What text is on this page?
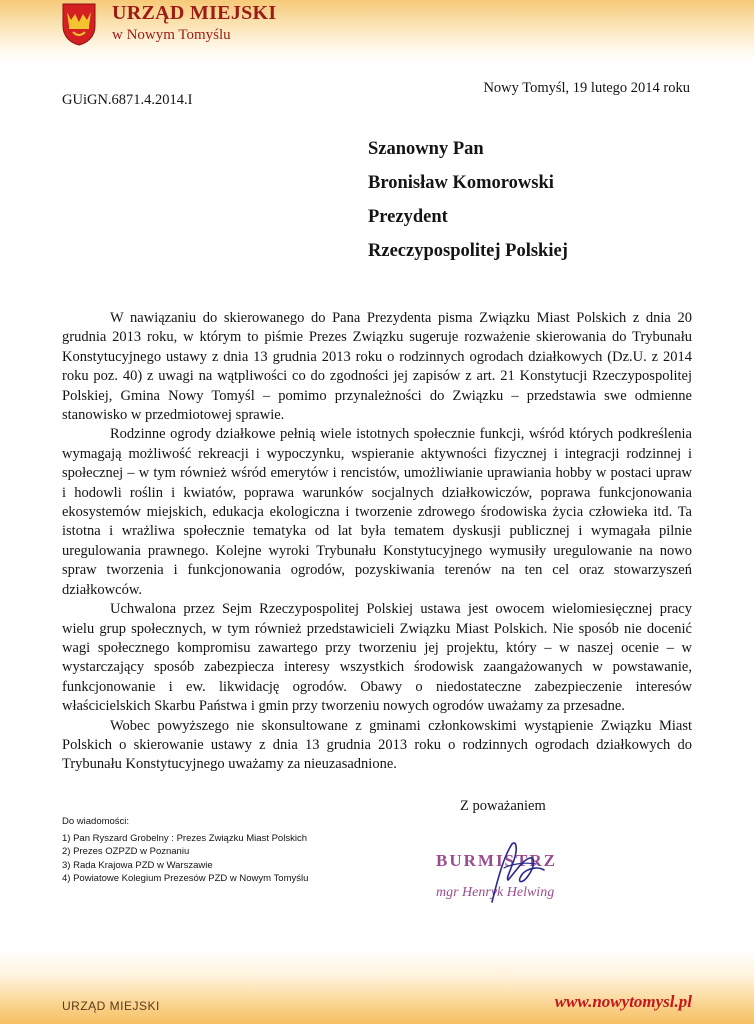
URZĄD MIEJSKI
w Nowym Tomyślu
Nowy Tomyśl, 19 lutego 2014 roku
GUiGN.6871.4.2014.I
Szanowny Pan
Bronisław Komorowski
Prezydent
Rzeczypospolitej Polskiej

W nawiązaniu do skierowanego do Pana Prezydenta pisma Związku Miast Polskich z dnia 20 grudnia 2013 roku, w którym to piśmie Prezes Związku sugeruje rozważenie skierowania do Trybunału Konstytucyjnego ustawy z dnia 13 grudnia 2013 roku o rodzinnych ogrodach działkowych (Dz.U. z 2014 roku poz. 40) z uwagi na wątpliwości co do zgodności jej zapisów z art. 21 Konstytucji Rzeczypospolitej Polskiej, Gmina Nowy Tomyśl – pomimo przynależności do Związku – przedstawia swe odmienne stanowisko w przedmiotowej sprawie.

Rodzinne ogrody działkowe pełnią wiele istotnych społecznie funkcji, wśród których podkreślenia wymagają możliwość rekreacji i wypoczynku, wspieranie aktywności fizycznej i integracji rodzinnej i społecznej – w tym również wśród emerytów i rencistów, umożliwianie uprawiania hobby w postaci upraw i hodowli roślin i kwiatów, poprawa warunków socjalnych działkowiczów, poprawa funkcjonowania ekosystemów miejskich, edukacja ekologiczna i tworzenie zdrowego środowiska życia człowieka itd. Ta istotna i wrażliwa społecznie tematyka od lat była tematem dyskusji publicznej i wymagała pilnie uregulowania prawnego. Kolejne wyroki Trybunału Konstytucyjnego wymusiły uregulowanie na nowo spraw tworzenia i funkcjonowania ogrodów, pozyskiwania terenów na ten cel oraz stowarzyszeń działkowców.

Uchwalona przez Sejm Rzeczypospolitej Polskiej ustawa jest owocem wielomiesięcznej pracy wielu grup społecznych, w tym również przedstawicieli Związku Miast Polskich. Nie sposób nie docenić wagi społecznego kompromisu zawartego przy tworzeniu jej projektu, który – w naszej ocenie – w wystarczający sposób zabezpiecza interesy wszystkich środowisk zaangażowanych w powstawanie, funkcjonowanie i ew. likwidację ogrodów. Obawy o niedostateczne zabezpieczenie interesów właścicielskich Skarbu Państwa i gmin przy tworzeniu nowych ogrodów uważamy za przesadne.

Wobec powyższego nie skonsultowane z gminami członkowskimi wystąpienie Związku Miast Polskich o skierowanie ustawy z dnia 13 grudnia 2013 roku o rodzinnych ogrodach działkowych do Trybunału Konstytucyjnego uważamy za nieuzasadnione.

Z poważaniem
Do wiadomości:
1) Pan Ryszard Grobelny : Prezes Związku Miast Polskich
2) Prezes OZPZD w Poznaniu
3) Rada Krajowa PZD w Warszawie
4) Powiatowe Kolegium Prezesów PZD w Nowym Tomyślu
BURMISTRZ
mgr Henryk Helwing
URZĄD MIEJSKI	www.nowytomysl.pl
